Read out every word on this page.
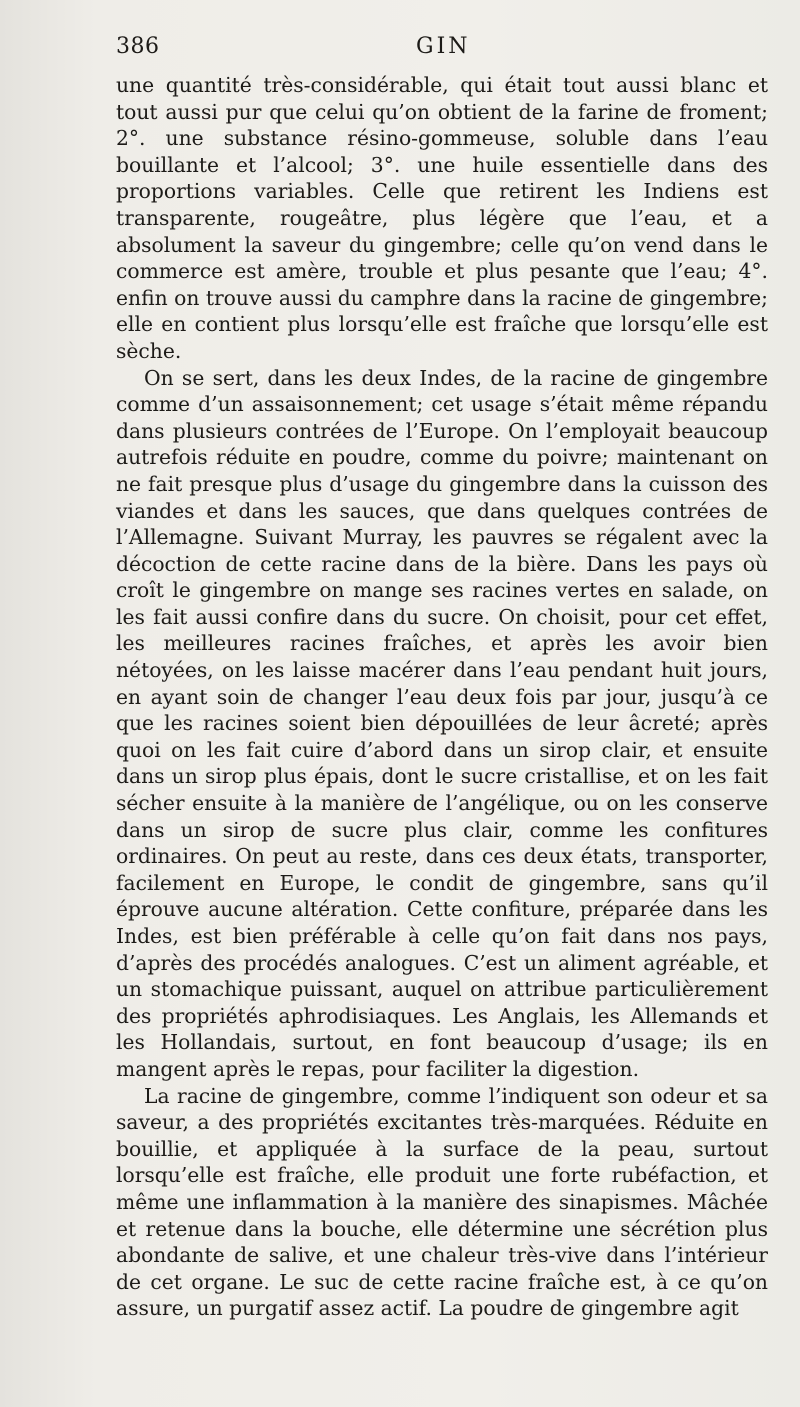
386	GIN

une quantité très-considérable, qui était tout aussi blanc et tout aussi pur que celui qu’on obtient de la farine de froment; 2°. une substance résino-gommeuse, soluble dans l’eau bouillante et l’alcool; 3°. une huile essentielle dans des proportions variables. Celle que retirent les Indiens est transparente, rougeâtre, plus légère que l’eau, et a absolument la saveur du gingembre; celle qu’on vend dans le commerce est amère, trouble et plus pesante que l’eau; 4°. enfin on trouve aussi du camphre dans la racine de gingembre; elle en contient plus lorsqu’elle est fraîche que lorsqu’elle est sèche.

On se sert, dans les deux Indes, de la racine de gingembre comme d’un assaisonnement; cet usage s’était même répandu dans plusieurs contrées de l’Europe. On l’employait beaucoup autrefois réduite en poudre, comme du poivre; maintenant on ne fait presque plus d’usage du gingembre dans la cuisson des viandes et dans les sauces, que dans quelques contrées de l’Allemagne. Suivant Murray, les pauvres se régalent avec la décoction de cette racine dans de la bière. Dans les pays où croît le gingembre on mange ses racines vertes en salade, on les fait aussi confire dans du sucre. On choisit, pour cet effet, les meilleures racines fraîches, et après les avoir bien nétoyées, on les laisse macérer dans l’eau pendant huit jours, en ayant soin de changer l’eau deux fois par jour, jusqu’à ce que les racines soient bien dépouillées de leur âcreté; après quoi on les fait cuire d’abord dans un sirop clair, et ensuite dans un sirop plus épais, dont le sucre cristallise, et on les fait sécher ensuite à la manière de l’angélique, ou on les conserve dans un sirop de sucre plus clair, comme les confitures ordinaires. On peut au reste, dans ces deux états, transporter, facilement en Europe, le condit de gingembre, sans qu’il éprouve aucune altération. Cette confiture, préparée dans les Indes, est bien préférable à celle qu’on fait dans nos pays, d’après des procédés analogues. C’est un aliment agréable, et un stomachique puissant, auquel on attribue particulièrement des propriétés aphrodisiaques. Les Anglais, les Allemands et les Hollandais, surtout, en font beaucoup d’usage; ils en mangent après le repas, pour faciliter la digestion.

La racine de gingembre, comme l’indiquent son odeur et sa saveur, a des propriétés excitantes très-marquées. Réduite en bouillie, et appliquée à la surface de la peau, surtout lorsqu’elle est fraîche, elle produit une forte rubéfaction, et même une inflammation à la manière des sinapismes. Mâchée et retenue dans la bouche, elle détermine une sécrétion plus abondante de salive, et une chaleur très-vive dans l’intérieur de cet organe. Le suc de cette racine fraîche est, à ce qu’on assure, un purgatif assez actif. La poudre de gingembre agit
